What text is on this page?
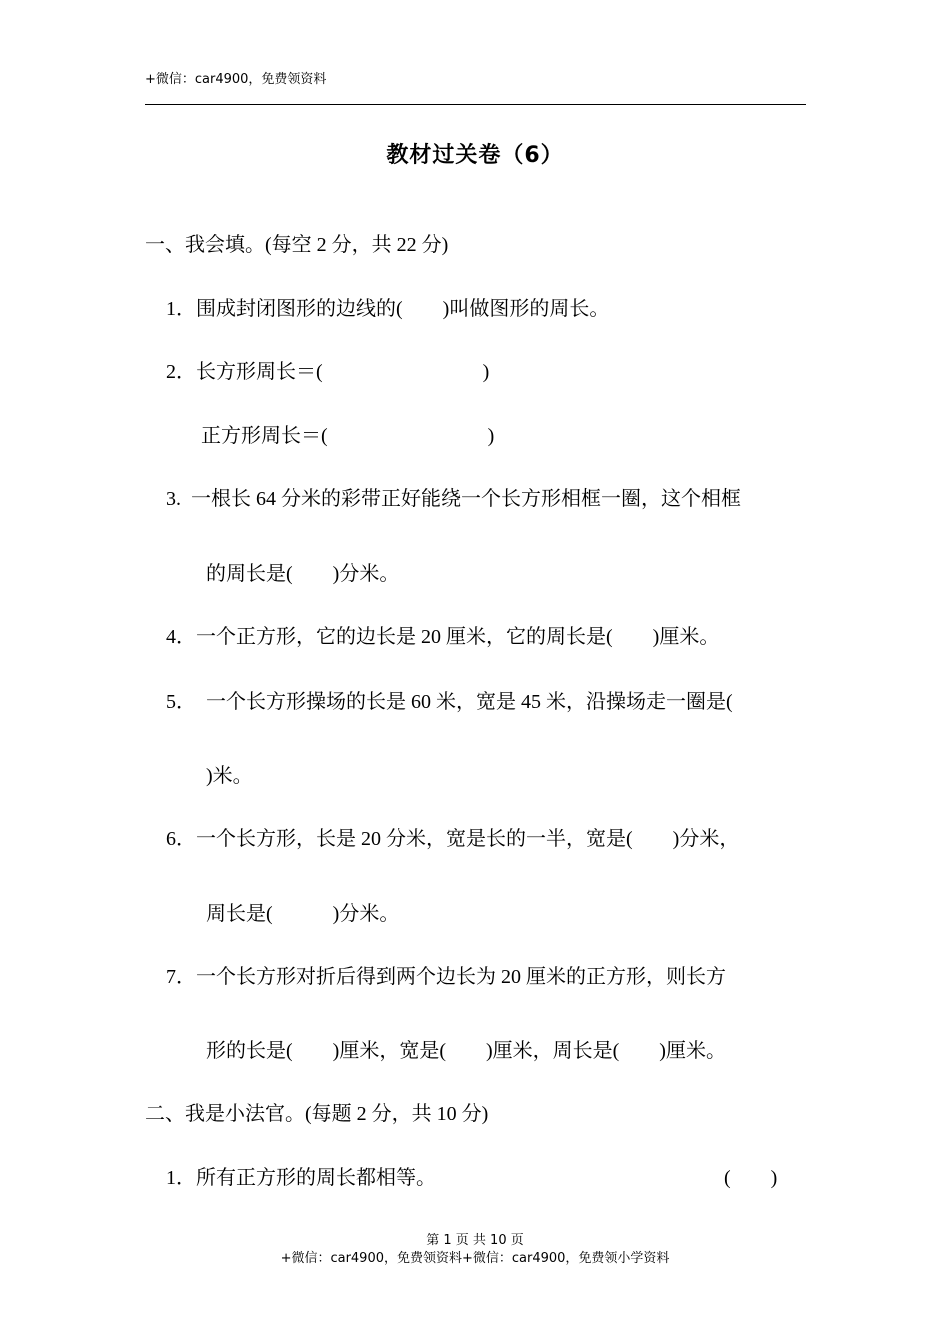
+微信：car4900，免费领资料
教材过关卷（6）
一、我会填。(每空 2 分，共 22 分)
1．围成封闭图形的边线的(　　)叫做图形的周长。
2．长方形周长＝(　　　　　　　　)
正方形周长＝(　　　　　　　　)
3.  一根长 64 分米的彩带正好能绕一个长方形相框一圈，这个相框
的周长是(　　)分米。
4．一个正方形，它的边长是 20 厘米，它的周长是(　　)厘米。
5．  一个长方形操场的长是 60 米，宽是 45 米，沿操场走一圈是(
)米。
6．一个长方形，长是 20 分米，宽是长的一半，宽是(　　)分米，
周长是(　　　)分米。
7．一个长方形对折后得到两个边长为 20 厘米的正方形，则长方
形的长是(　　)厘米，宽是(　　)厘米，周长是(　　)厘米。
二、我是小法官。(每题 2 分，共 10 分)
1．所有正方形的周长都相等。	(　　)
第 1 页 共 10 页
+微信：car4900，免费领资料+微信：car4900，免费领小学资料
